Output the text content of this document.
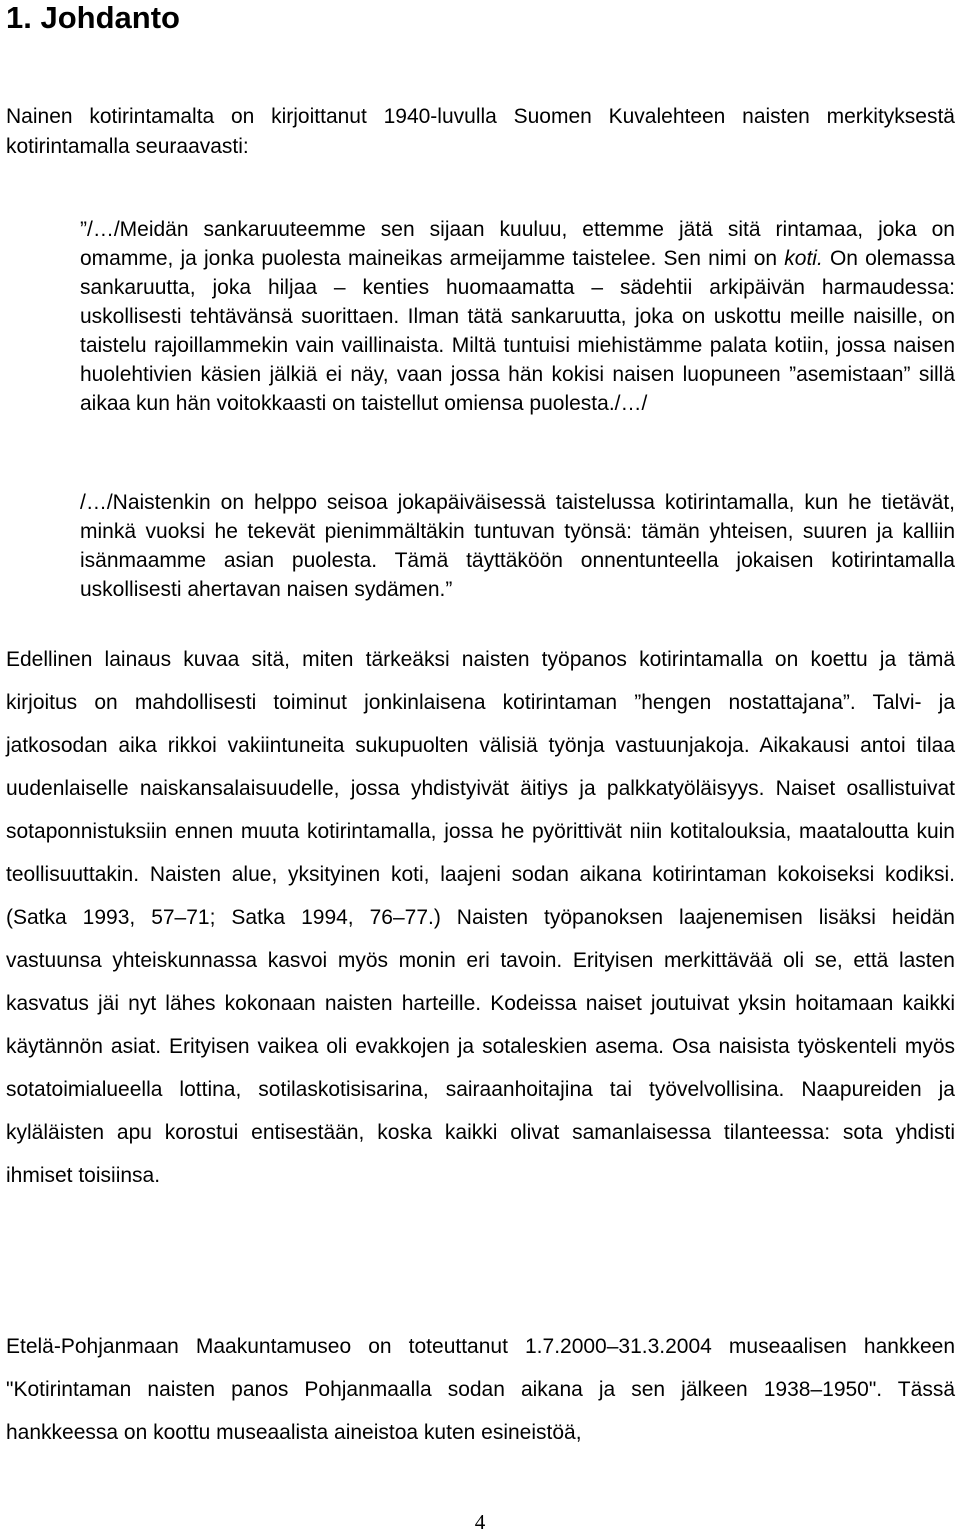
1. Johdanto

Nainen kotirintamalta on kirjoittanut 1940-luvulla Suomen Kuvalehteen naisten merkityksestä kotirintamalla seuraavasti:

”/…/Meidän sankaruuteemme sen sijaan kuuluu, ettemme jätä sitä rintamaa, joka on omamme, ja jonka puolesta maineikas armeijamme taistelee. Sen nimi on koti. On olemassa sankaruutta, joka hiljaa – kenties huomaamatta – sädehtii arkipäivän harmaudessa: uskollisesti tehtävänsä suorittaen. Ilman tätä sankaruutta, joka on uskottu meille naisille, on taistelu rajoillammekin vain vaillinaista. Miltä tuntuisi miehistämme palata kotiin, jossa naisen huolehtivien käsien jälkiä ei näy, vaan jossa hän kokisi naisen luopuneen ”asemistaan” sillä aikaa kun hän voitokkaasti on taistellut omiensa puolesta./…/

/…/Naistenkin on helppo seisoa jokapäiväisessä taistelussa kotirintamalla, kun he tietävät, minkä vuoksi he tekevät pienimmältäkin tuntuvan työnsä: tämän yhteisen, suuren ja kalliin isänmaamme asian puolesta. Tämä täyttäköön onnentunteella jokaisen kotirintamalla uskollisesti ahertavan naisen sydämen.”

Edellinen lainaus kuvaa sitä, miten tärkeäksi naisten työpanos kotirintamalla on koettu ja tämä kirjoitus on mahdollisesti toiminut jonkinlaisena kotirintaman ”hengen nostattajana”. Talvi- ja jatkosodan aika rikkoi vakiintuneita sukupuolten välisiä työnja vastuunjakoja. Aikakausi antoi tilaa uudenlaiselle naiskansalaisuudelle, jossa yhdistyivät äitiys ja palkkatyöläisyys. Naiset osallistuivat sotaponnistuksiin ennen muuta kotirintamalla, jossa he pyörittivät niin kotitalouksia, maataloutta kuin teollisuuttakin. Naisten alue, yksityinen koti, laajeni sodan aikana kotirintaman kokoiseksi kodiksi. (Satka 1993, 57–71; Satka 1994, 76–77.) Naisten työpanoksen laajenemisen lisäksi heidän vastuunsa yhteiskunnassa kasvoi myös monin eri tavoin. Erityisen merkittävää oli se, että lasten kasvatus jäi nyt lähes kokonaan naisten harteille. Kodeissa naiset joutuivat yksin hoitamaan kaikki käytännön asiat. Erityisen vaikea oli evakkojen ja sotaleskien asema. Osa naisista työskenteli myös sotatoimialueella lottina, sotilaskotisisarina, sairaanhoitajina tai työvelvollisina. Naapureiden ja kyläläisten apu korostui entisestään, koska kaikki olivat samanlaisessa tilanteessa: sota yhdisti ihmiset toisiinsa.

Etelä-Pohjanmaan Maakuntamuseo on toteuttanut 1.7.2000–31.3.2004 museaalisen hankkeen "Kotirintaman naisten panos Pohjanmaalla sodan aikana ja sen jälkeen 1938–1950". Tässä hankkeessa on koottu museaalista aineistoa kuten esineistöä,

4
